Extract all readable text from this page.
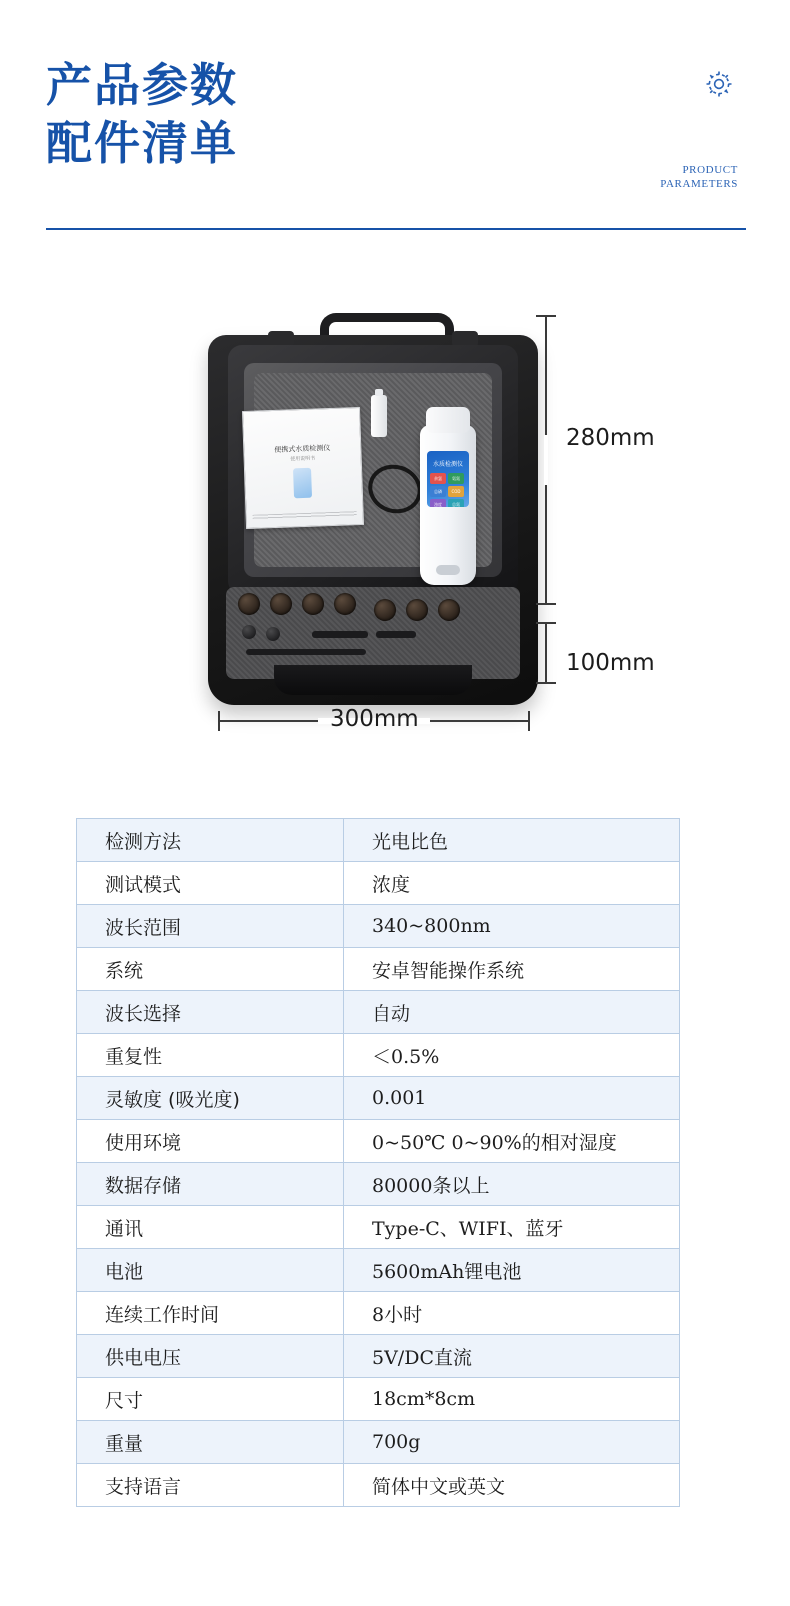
产品参数
配件清单	PRODUCT
PARAMETERS
便携式水质检测仪
使用说明书
水质检测仪
余氯	氨氮
总磷	COD
浊度	总氮
280mm
100mm
300mm
检测方法	光电比色
测试模式	浓度
波长范围	340~800nm
系统	安卓智能操作系统
波长选择	自动
重复性	＜0.5%
灵敏度 (吸光度)	0.001
使用环境	0~50℃ 0~90%的相对湿度
数据存储	80000条以上
通讯	Type-C、WIFI、蓝牙
电池	5600mAh锂电池
连续工作时间	8小时
供电电压	5V/DC直流
尺寸	18cm*8cm
重量	700g
支持语言	简体中文或英文
